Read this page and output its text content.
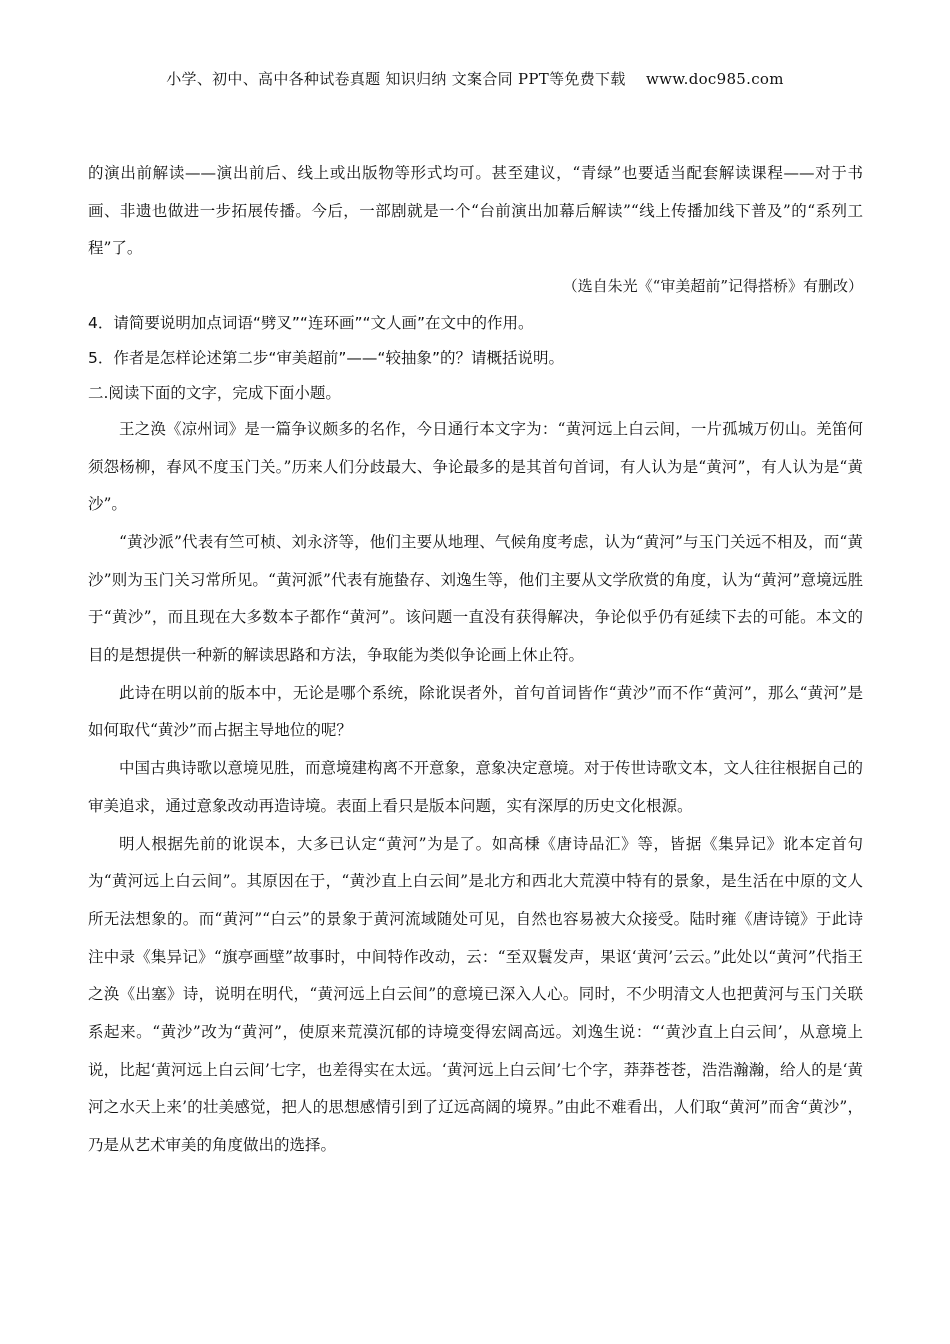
小学、初中、高中各种试卷真题 知识归纳 文案合同 PPT等免费下载　 www.doc985.com

的演出前解读——演出前后、线上或出版物等形式均可。甚至建议，“青绿”也要适当配套解读课程——对于书画、非遗也做进一步拓展传播。今后，一部剧就是一个“台前演出加幕后解读”“线上传播加线下普及”的“系列工程”了。

（选自朱光《“审美超前”记得搭桥》有删改）

4．请简要说明加点词语“劈叉”“连环画”“文人画”在文中的作用。

5．作者是怎样论述第二步“审美超前”——“较抽象”的？请概括说明。

二.阅读下面的文字，完成下面小题。

王之涣《凉州词》是一篇争议颇多的名作，今日通行本文字为：“黄河远上白云间，一片孤城万仞山。羌笛何须怨杨柳，春风不度玉门关。”历来人们分歧最大、争论最多的是其首句首词，有人认为是“黄河”，有人认为是“黄沙”。

“黄沙派”代表有竺可桢、刘永济等，他们主要从地理、气候角度考虑，认为“黄河”与玉门关远不相及，而“黄沙”则为玉门关习常所见。“黄河派”代表有施蛰存、刘逸生等，他们主要从文学欣赏的角度，认为“黄河”意境远胜于“黄沙”，而且现在大多数本子都作“黄河”。该问题一直没有获得解决，争论似乎仍有延续下去的可能。本文的目的是想提供一种新的解读思路和方法，争取能为类似争论画上休止符。

此诗在明以前的版本中，无论是哪个系统，除讹误者外，首句首词皆作“黄沙”而不作“黄河”，那么“黄河”是如何取代“黄沙”而占据主导地位的呢？

中国古典诗歌以意境见胜，而意境建构离不开意象，意象决定意境。对于传世诗歌文本，文人往往根据自己的审美追求，通过意象改动再造诗境。表面上看只是版本问题，实有深厚的历史文化根源。

明人根据先前的讹误本，大多已认定“黄河”为是了。如高棅《唐诗品汇》等，皆据《集异记》讹本定首句为“黄河远上白云间”。其原因在于，“黄沙直上白云间”是北方和西北大荒漠中特有的景象，是生活在中原的文人所无法想象的。而“黄河”“白云”的景象于黄河流域随处可见，自然也容易被大众接受。陆时雍《唐诗镜》于此诗注中录《集异记》“旗亭画壁”故事时，中间特作改动，云：“至双鬟发声，果讴‘黄河’云云。”此处以“黄河”代指王之涣《出塞》诗，说明在明代，“黄河远上白云间”的意境已深入人心。同时，不少明清文人也把黄河与玉门关联系起来。“黄沙”改为“黄河”，使原来荒漠沉郁的诗境变得宏阔高远。刘逸生说：“‘黄沙直上白云间’，从意境上说，比起‘黄河远上白云间’七字，也差得实在太远。‘黄河远上白云间’七个字，莽莽苍苍，浩浩瀚瀚，给人的是‘黄河之水天上来’的壮美感觉，把人的思想感情引到了辽远高阔的境界。”由此不难看出，人们取“黄河”而舍“黄沙”，乃是从艺术审美的角度做出的选择。
